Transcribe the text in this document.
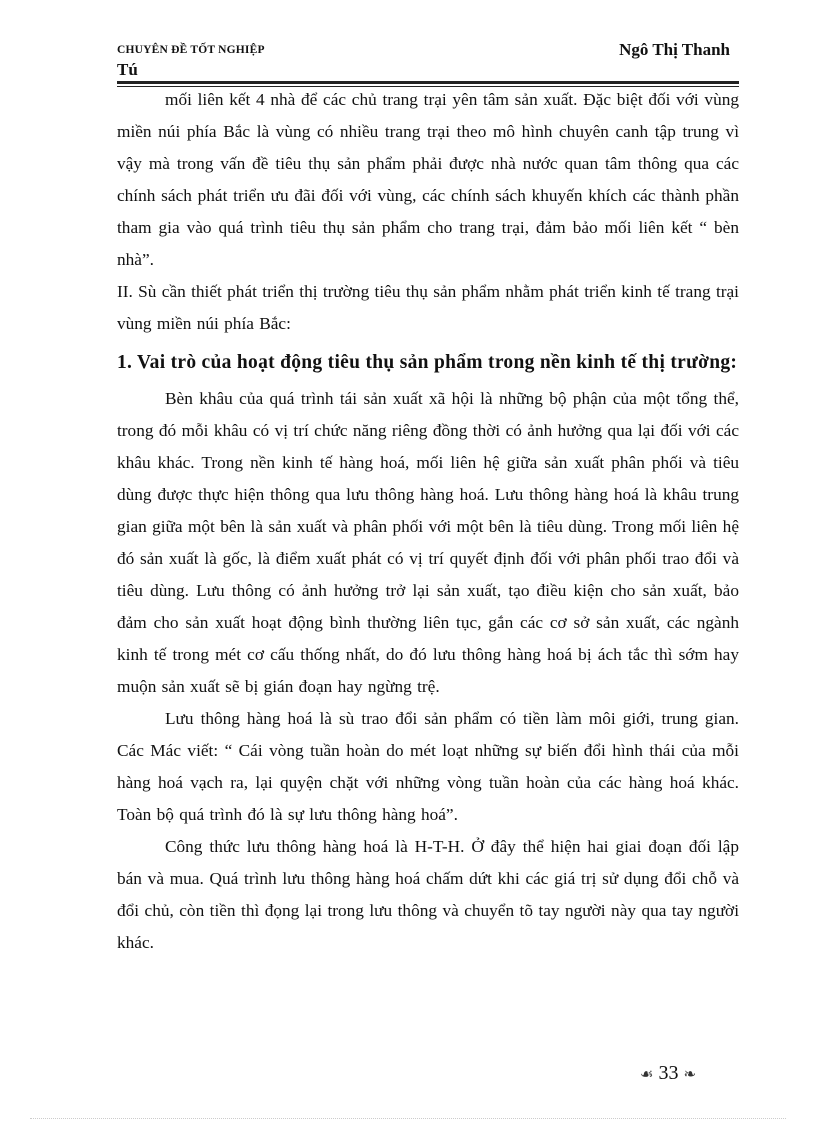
CHUYÊN ĐỀ TỐT NGHIỆP	Ngô Thị Thanh
Tú

mối liên kết 4 nhà để các chủ trang trại yên tâm sản xuất. Đặc biệt đối với vùng miền núi phía Bắc là vùng có nhiều trang trại theo mô hình chuyên canh tập trung vì vậy mà trong vấn đề tiêu thụ sản phẩm phải được nhà nước quan tâm thông qua các chính sách phát triển ưu đãi đối với vùng, các chính sách khuyến khích các thành phần tham gia vào quá trình tiêu thụ sản phẩm cho trang trại, đảm bảo mối liên kết “ bèn nhà”.

II. Sù cần thiết phát triển thị trường tiêu thụ sản phẩm nhằm phát triển kinh tế trang trại vùng miền núi phía Bắc:

1. Vai trò của hoạt động tiêu thụ sản phẩm trong nền kinh tế thị trường:

Bèn khâu của quá trình tái sản xuất xã hội là những bộ phận của một tổng thể, trong đó mỗi khâu có vị trí chức năng riêng đồng thời có ảnh hưởng qua lại đối với các khâu khác. Trong nền kinh tế hàng hoá, mối liên hệ giữa sản xuất phân phối và tiêu dùng được thực hiện thông qua lưu thông hàng hoá. Lưu thông hàng hoá là khâu trung gian giữa một bên là sản xuất và phân phối với một bên là tiêu dùng. Trong mối liên hệ đó sản xuất là gốc, là điểm xuất phát có vị trí quyết định đối với phân phối trao đổi và tiêu dùng. Lưu thông có ảnh hưởng trở lại sản xuất, tạo điều kiện cho sản xuất, bảo đảm cho sản xuất hoạt động bình thường liên tục, gắn các cơ sở sản xuất, các ngành kinh tế trong mét cơ cấu thống nhất, do đó lưu thông hàng hoá bị ách tắc thì sớm hay muộn sản xuất sẽ bị gián đoạn hay ngừng trệ.

Lưu thông hàng hoá là sù trao đổi sản phẩm có tiền làm môi giới, trung gian. Các Mác viết: “ Cái vòng tuần hoàn do mét loạt những sự biến đổi hình thái của mỗi hàng hoá vạch ra, lại quyện chặt với những vòng tuần hoàn của các hàng hoá khác. Toàn bộ quá trình đó là sự lưu thông hàng hoá”.

Công thức lưu thông hàng hoá là H-T-H. Ở đây thể hiện hai giai đoạn đối lập bán và mua. Quá trình lưu thông hàng hoá chấm dứt khi các giá trị sử dụng đổi chỗ và đổi chủ, còn tiền thì đọng lại trong lưu thông và chuyển tõ tay người này qua tay người khác.

☙ 33 ❧
